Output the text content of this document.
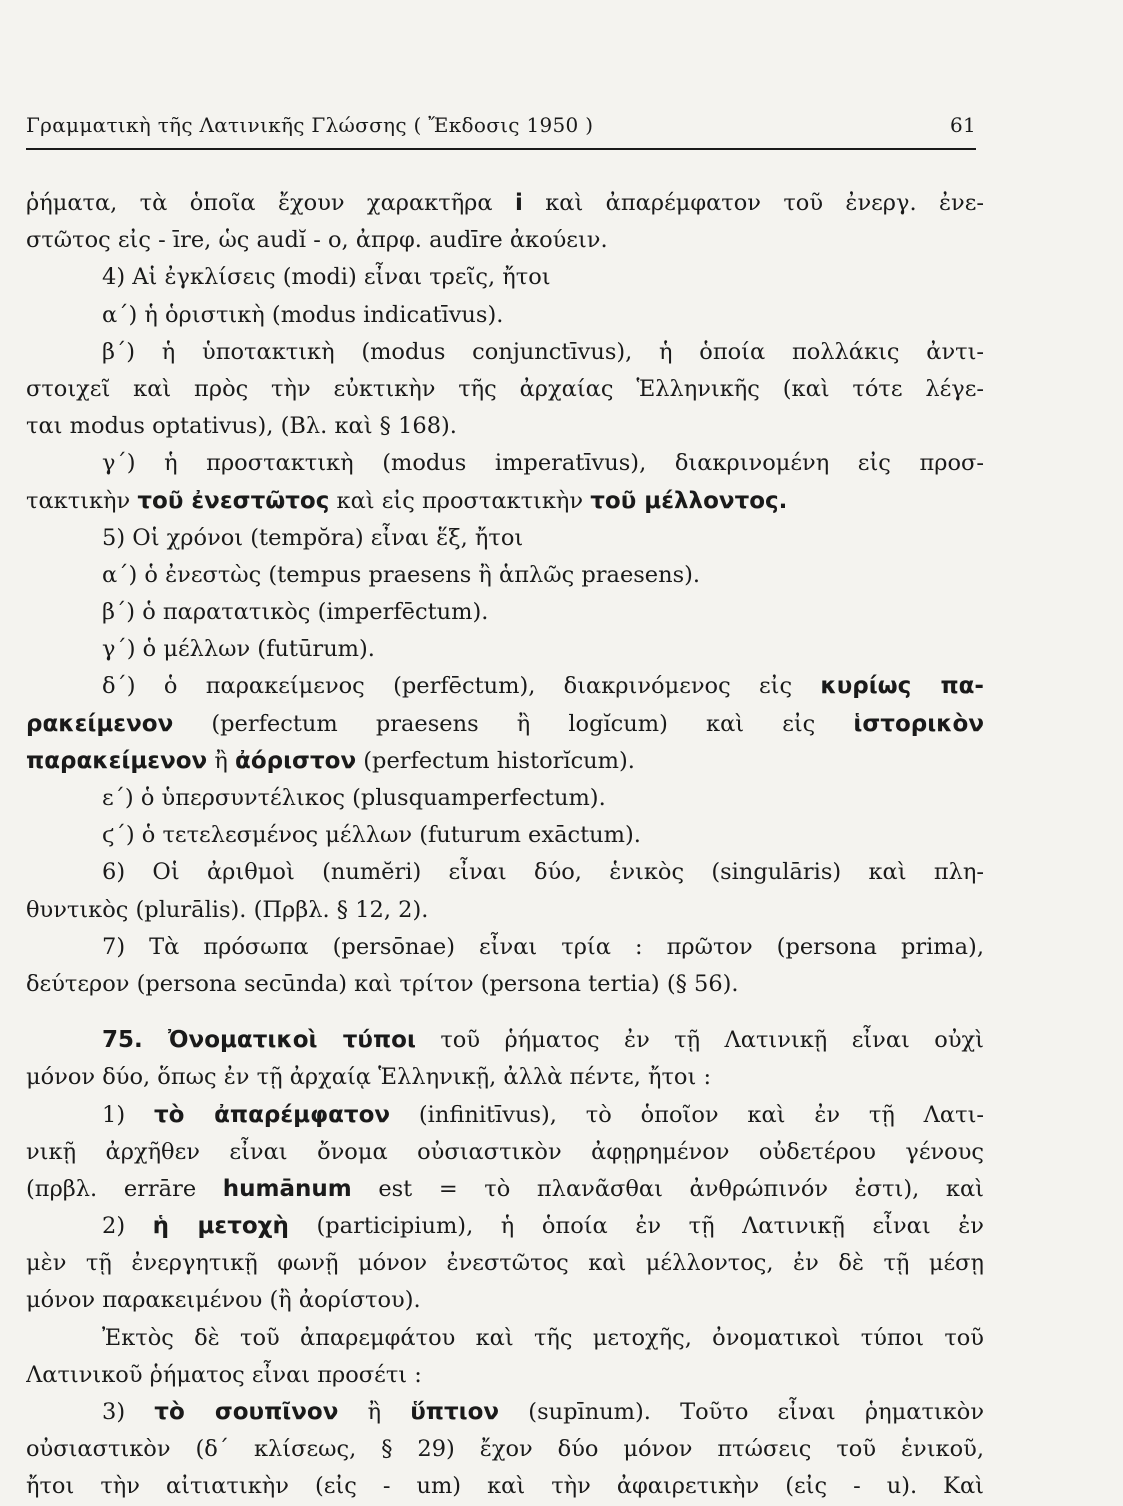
Γραμματικὴ τῆς Λατινικῆς Γλώσσης ( Ἔκδοσις 1950 )	61
ῥήματα, τὰ ὁποῖα ἔχουν χαρακτῆρα i καὶ ἀπαρέμφατον τοῦ ἐνεργ. ἐνε-
στῶτος εἰς - īre, ὡς audĭ - o, ἀπρφ. audīre ἀκούειν.
4) Αἱ ἐγκλίσεις (modi) εἶναι τρεῖς, ἤτοι
α΄) ἡ ὁριστικὴ (modus indicatīvus).
β΄) ἡ ὑποτακτικὴ (modus conjunctīvus), ἡ ὁποία πολλάκις ἀντι-
στοιχεῖ καὶ πρὸς τὴν εὐκτικὴν τῆς ἀρχαίας Ἑλληνικῆς (καὶ τότε λέγε-
ται modus optativus), (Βλ. καὶ § 168).
γ΄) ἡ προστακτικὴ (modus imperatīvus), διακρινομένη εἰς προσ-
τακτικὴν τοῦ ἐνεστῶτος καὶ εἰς προστακτικὴν τοῦ μέλλοντος.
5) Οἱ χρόνοι (tempŏra) εἶναι ἕξ, ἤτοι
α΄) ὁ ἐνεστὼς (tempus praesens ἢ ἁπλῶς praesens).
β΄) ὁ παρατατικὸς (imperfēctum).
γ΄) ὁ μέλλων (futūrum).
δ΄) ὁ παρακείμενος (perfēctum), διακρινόμενος εἰς κυρίως πα-
ρακείμενον (perfectum praesens ἢ logĭcum) καὶ εἰς ἱστορικὸν
παρακείμενον ἢ ἀόριστον (perfectum historĭcum).
ε΄) ὁ ὑπερσυντέλικος (plusquamperfectum).
ϛ΄) ὁ τετελεσμένος μέλλων (futurum exāctum).
6) Οἱ ἀριθμοὶ (numĕri) εἶναι δύο, ἑνικὸς (singulāris) καὶ πλη-
θυντικὸς (plurālis). (Πρβλ. § 12, 2).
7) Τὰ πρόσωπα (persōnae) εἶναι τρία : πρῶτον (persona prima),
δεύτερον (persona secūnda) καὶ τρίτον (persona tertia) (§ 56).
75. Ὀνοματικοὶ τύποι τοῦ ῥήματος ἐν τῇ Λατινικῇ εἶναι οὐχὶ
μόνον δύο, ὅπως ἐν τῇ ἀρχαίᾳ Ἑλληνικῇ, ἀλλὰ πέντε, ἤτοι :
1) τὸ ἀπαρέμφατον (infinitīvus), τὸ ὁποῖον καὶ ἐν τῇ Λατι-
νικῇ ἀρχῆθεν εἶναι ὄνομα οὐσιαστικὸν ἀφῃρημένον οὐδετέρου γένους
(πρβλ. errāre humānum est = τὸ πλανᾶσθαι ἀνθρώπινόν ἐστι), καὶ
2) ἡ μετοχὴ (participium), ἡ ὁποία ἐν τῇ Λατινικῇ εἶναι ἐν
μὲν τῇ ἐνεργητικῇ φωνῇ μόνον ἐνεστῶτος καὶ μέλλοντος, ἐν δὲ τῇ μέσῃ
μόνον παρακειμένου (ἢ ἀορίστου).
Ἐκτὸς δὲ τοῦ ἀπαρεμφάτου καὶ τῆς μετοχῆς, ὀνοματικοὶ τύποι τοῦ
Λατινικοῦ ῥήματος εἶναι προσέτι :
3) τὸ σουπῖνον ἢ ὕπτιον (supīnum). Τοῦτο εἶναι ῥηματικὸν
οὐσιαστικὸν (δ΄ κλίσεως, § 29) ἔχον δύο μόνον πτώσεις τοῦ ἑνικοῦ,
ἤτοι τὴν αἰτιατικὴν (εἰς - um) καὶ τὴν ἀφαιρετικὴν (εἰς - u). Καὶ
